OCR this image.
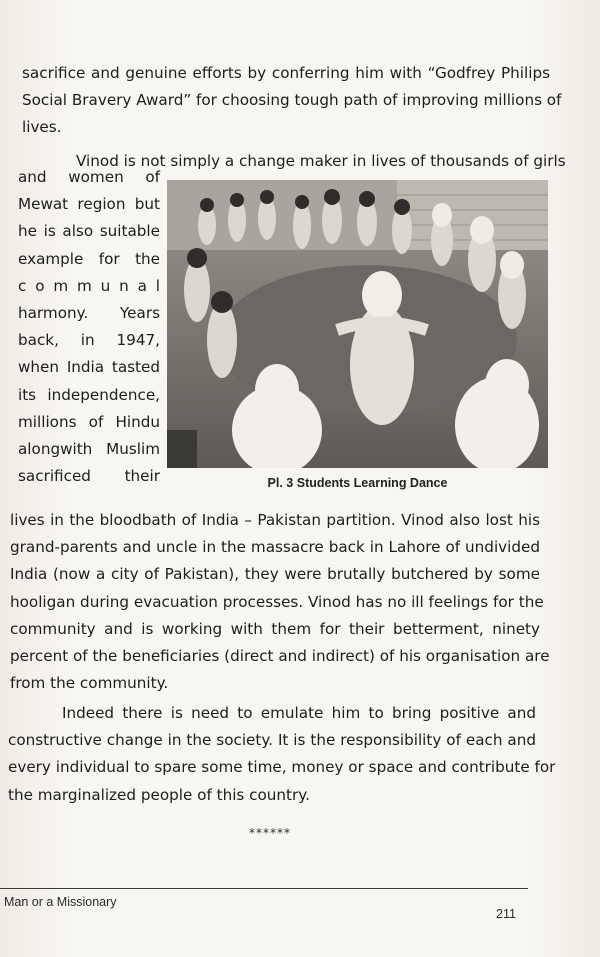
sacrifice and genuine efforts by conferring him with “Godfrey Philips
Social Bravery Award” for choosing tough path of improving millions of
lives.
Vinod is not simply a change maker in lives of thousands of girls
and women of
Mewat region but
he is also suitable
example for the
c o m m u n a l
harmony. Years
back, in 1947,
when India tasted
its independence,
millions of Hindu
alongwith Muslim
sacrificed their	Pl. 3 Students Learning Dance
lives in the bloodbath of India – Pakistan partition. Vinod also lost his
grand-parents and uncle in the massacre back in Lahore of undivided
India (now a city of Pakistan), they were brutally butchered by some
hooligan during evacuation processes. Vinod has no ill feelings for the
community and is working with them for their betterment, ninety
percent of the beneficiaries (direct and indirect) of his organisation are
from the community.
Indeed there is need to emulate him to bring positive and
constructive change in the society. It is the responsibility of each and
every individual to spare some time, money or space and contribute for
the marginalized people of this country.
******
Man or a Missionary
211
